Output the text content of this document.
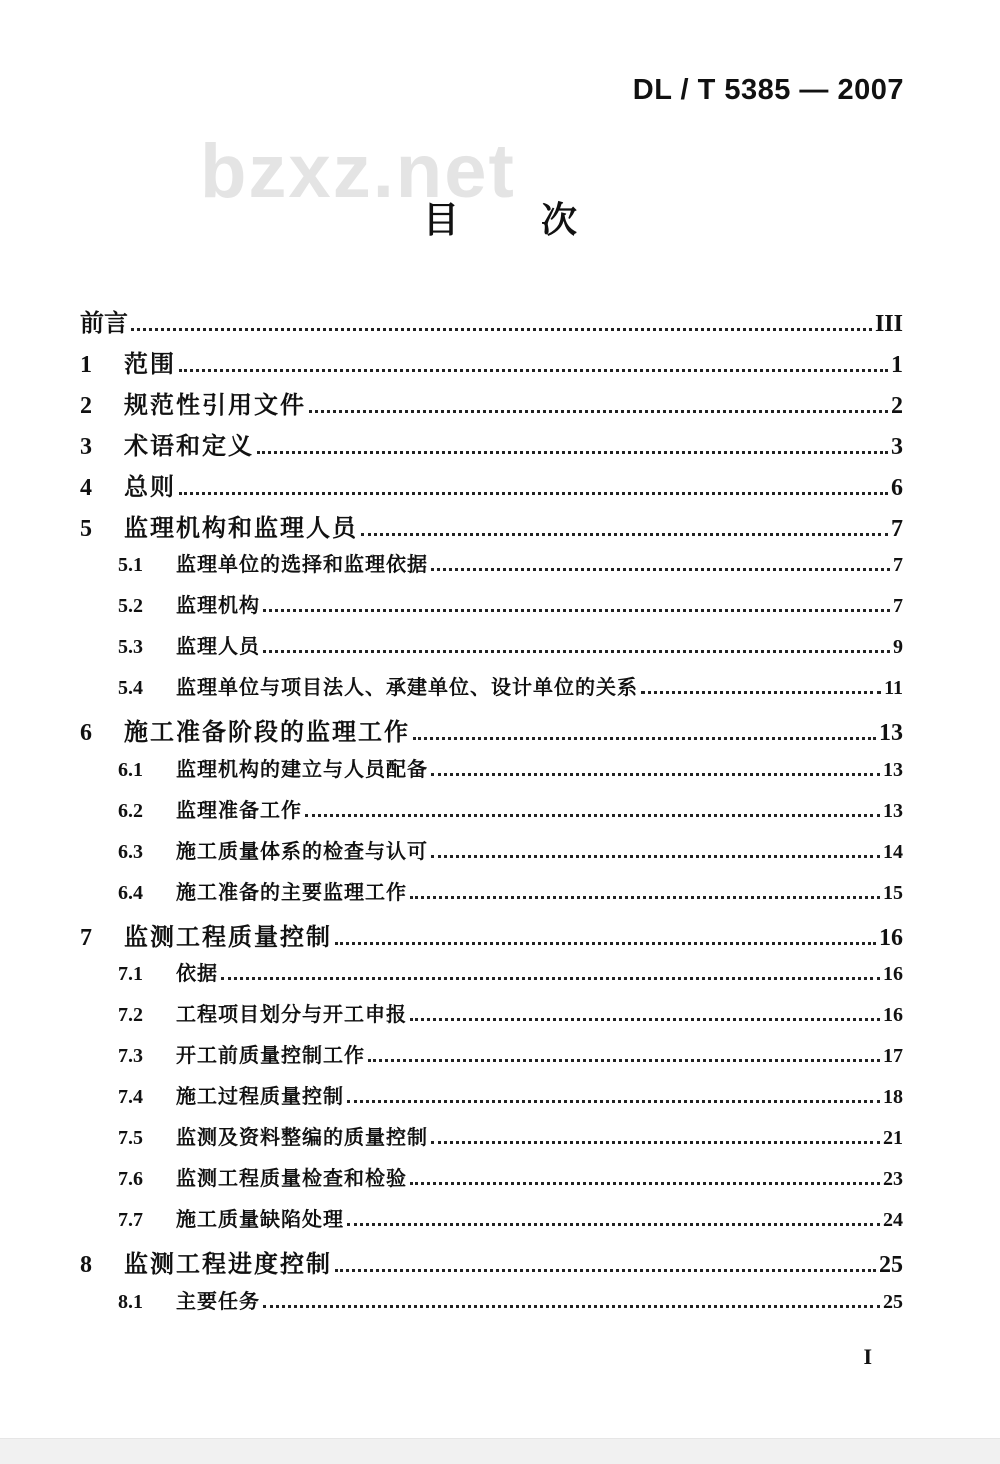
DL / T 5385 — 2007
bzxz.net
目次
前言	III
1	范围	1
2	规范性引用文件	2
3	术语和定义	3
4	总则	6
5	监理机构和监理人员	7
5.1	监理单位的选择和监理依据	7
5.2	监理机构	7
5.3	监理人员	9
5.4	监理单位与项目法人、承建单位、设计单位的关系	11
6	施工准备阶段的监理工作	13
6.1	监理机构的建立与人员配备	13
6.2	监理准备工作	13
6.3	施工质量体系的检查与认可	14
6.4	施工准备的主要监理工作	15
7	监测工程质量控制	16
7.1	依据	16
7.2	工程项目划分与开工申报	16
7.3	开工前质量控制工作	17
7.4	施工过程质量控制	18
7.5	监测及资料整编的质量控制	21
7.6	监测工程质量检查和检验	23
7.7	施工质量缺陷处理	24
8	监测工程进度控制	25
8.1	主要任务	25
I
